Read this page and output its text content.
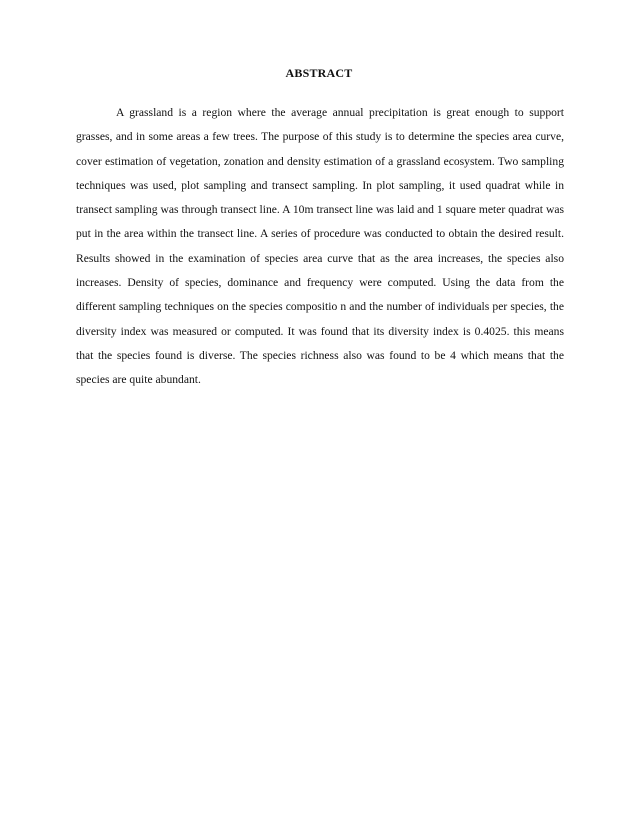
ABSTRACT

A grassland is a region where the average annual precipitation is great enough to support grasses, and in some areas a few trees. The purpose of this study is to determine the species area curve, cover estimation of vegetation, zonation and density estimation of a grassland ecosystem. Two sampling techniques was used, plot sampling and transect sampling. In plot sampling, it used quadrat while in transect sampling was through transect line. A 10m transect line was laid and 1 square meter quadrat was put in the area within the transect line. A series of procedure was conducted to obtain the desired result. Results showed in the examination of species area curve that as the area increases, the species also increases. Density of species, dominance and frequency were computed. Using the data from the different sampling techniques on the species compositio n and the number of individuals per species, the diversity index was measured or computed. It was found that its diversity index is 0.4025. this means that the species found is diverse. The species richness also was found to be 4 which means that the species are quite abundant.
